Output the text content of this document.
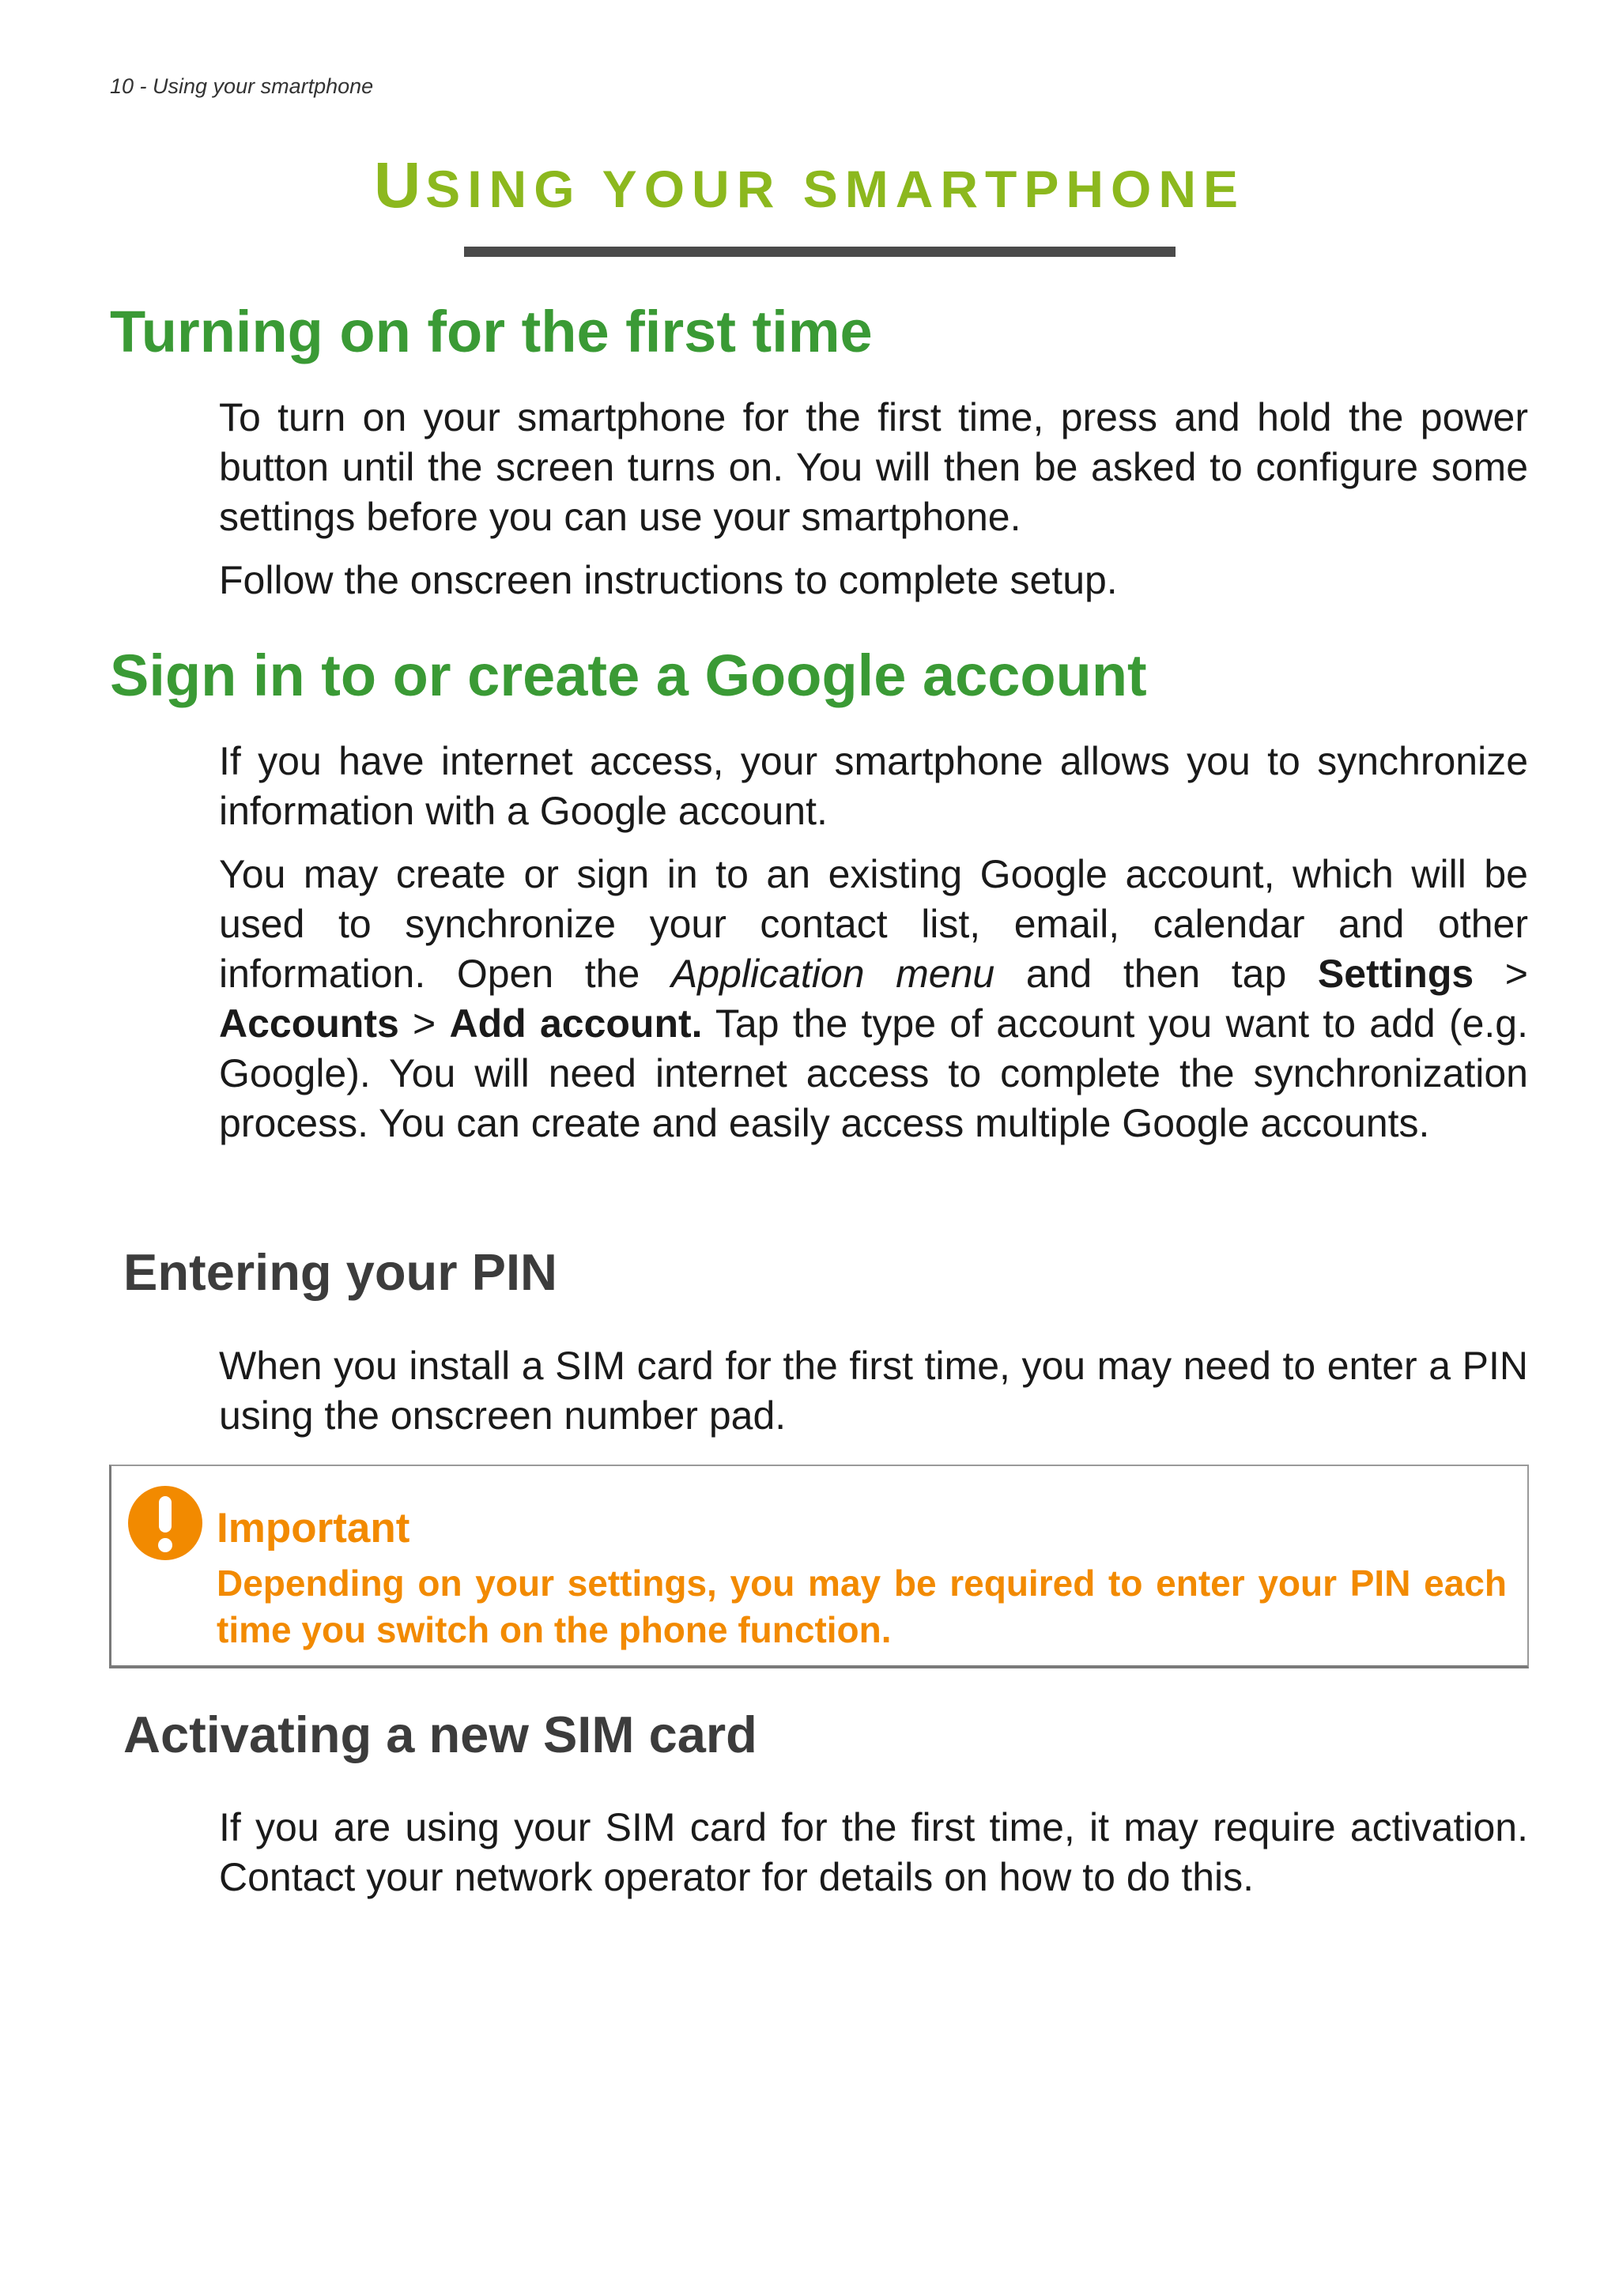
10 - Using your smartphone
USING YOUR SMARTPHONE
Turning on for the first time
To turn on your smartphone for the first time, press and hold the power button until the screen turns on. You will then be asked to configure some settings before you can use your smartphone.
Follow the onscreen instructions to complete setup.
Sign in to or create a Google account
If you have internet access, your smartphone allows you to synchronize information with a Google account.
You may create or sign in to an existing Google account, which will be used to synchronize your contact list, email, calendar and other information. Open the Application menu and then tap Settings > Accounts > Add account. Tap the type of account you want to add (e.g. Google). You will need internet access to complete the synchronization process. You can create and easily access multiple Google accounts.
Entering your PIN
When you install a SIM card for the first time, you may need to enter a PIN using the onscreen number pad.
Important
Depending on your settings, you may be required to enter your PIN each time you switch on the phone function.
Activating a new SIM card
If you are using your SIM card for the first time, it may require activation. Contact your network operator for details on how to do this.
